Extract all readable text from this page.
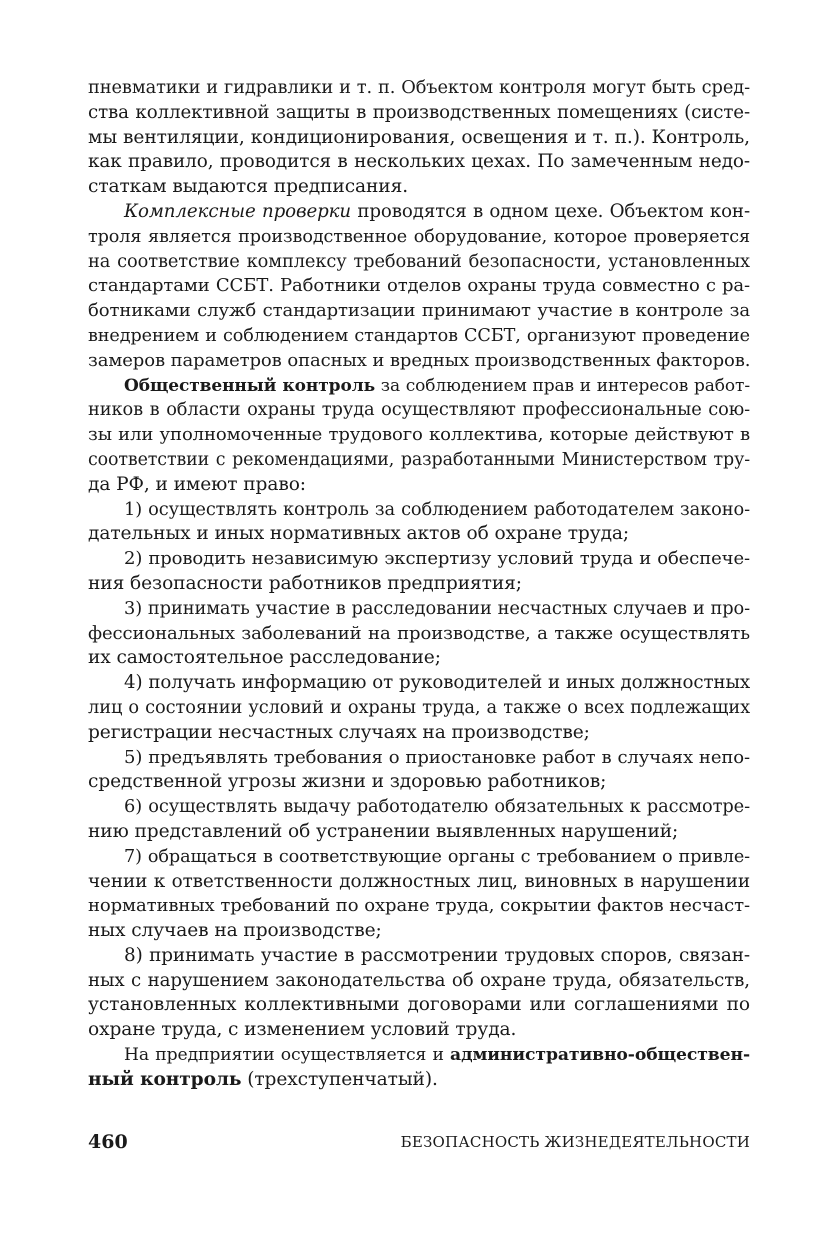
пневматики и гидравлики и т. п. Объектом контроля могут быть сред-
ства коллективной защиты в производственных помещениях (систе-
мы вентиляции, кондиционирования, освещения и т. п.). Контроль,
как правило, проводится в нескольких цехах. По замеченным недо-
статкам выдаются предписания.
Комплексные проверки проводятся в одном цехе. Объектом кон-
троля является производственное оборудование, которое проверяется
на соответствие комплексу требований безопасности, установленных
стандартами ССБТ. Работники отделов охраны труда совместно с ра-
ботниками служб стандартизации принимают участие в контроле за
внедрением и соблюдением стандартов ССБТ, организуют проведение
замеров параметров опасных и вредных производственных факторов.
Общественный контроль за соблюдением прав и интересов работ-
ников в области охраны труда осуществляют профессиональные сою-
зы или уполномоченные трудового коллектива, которые действуют в
соответствии с рекомендациями, разработанными Министерством тру-
да РФ, и имеют право:
1) осуществлять контроль за соблюдением работодателем законо-
дательных и иных нормативных актов об охране труда;
2) проводить независимую экспертизу условий труда и обеспече-
ния безопасности работников предприятия;
3) принимать участие в расследовании несчастных случаев и про-
фессиональных заболеваний на производстве, а также осуществлять
их самостоятельное расследование;
4) получать информацию от руководителей и иных должностных
лиц о состоянии условий и охраны труда, а также о всех подлежащих
регистрации несчастных случаях на производстве;
5) предъявлять требования о приостановке работ в случаях непо-
средственной угрозы жизни и здоровью работников;
6) осуществлять выдачу работодателю обязательных к рассмотре-
нию представлений об устранении выявленных нарушений;
7) обращаться в соответствующие органы с требованием о привле-
чении к ответственности должностных лиц, виновных в нарушении
нормативных требований по охране труда, сокрытии фактов несчаст-
ных случаев на производстве;
8) принимать участие в рассмотрении трудовых споров, связан-
ных с нарушением законодательства об охране труда, обязательств,
установленных коллективными договорами или соглашениями по
охране труда, с изменением условий труда.
На предприятии осуществляется и административно-обществен-
ный контроль (трехступенчатый).
460	БЕЗОПАСНОСТЬ ЖИЗНЕДЕЯТЕЛЬНОСТИ
